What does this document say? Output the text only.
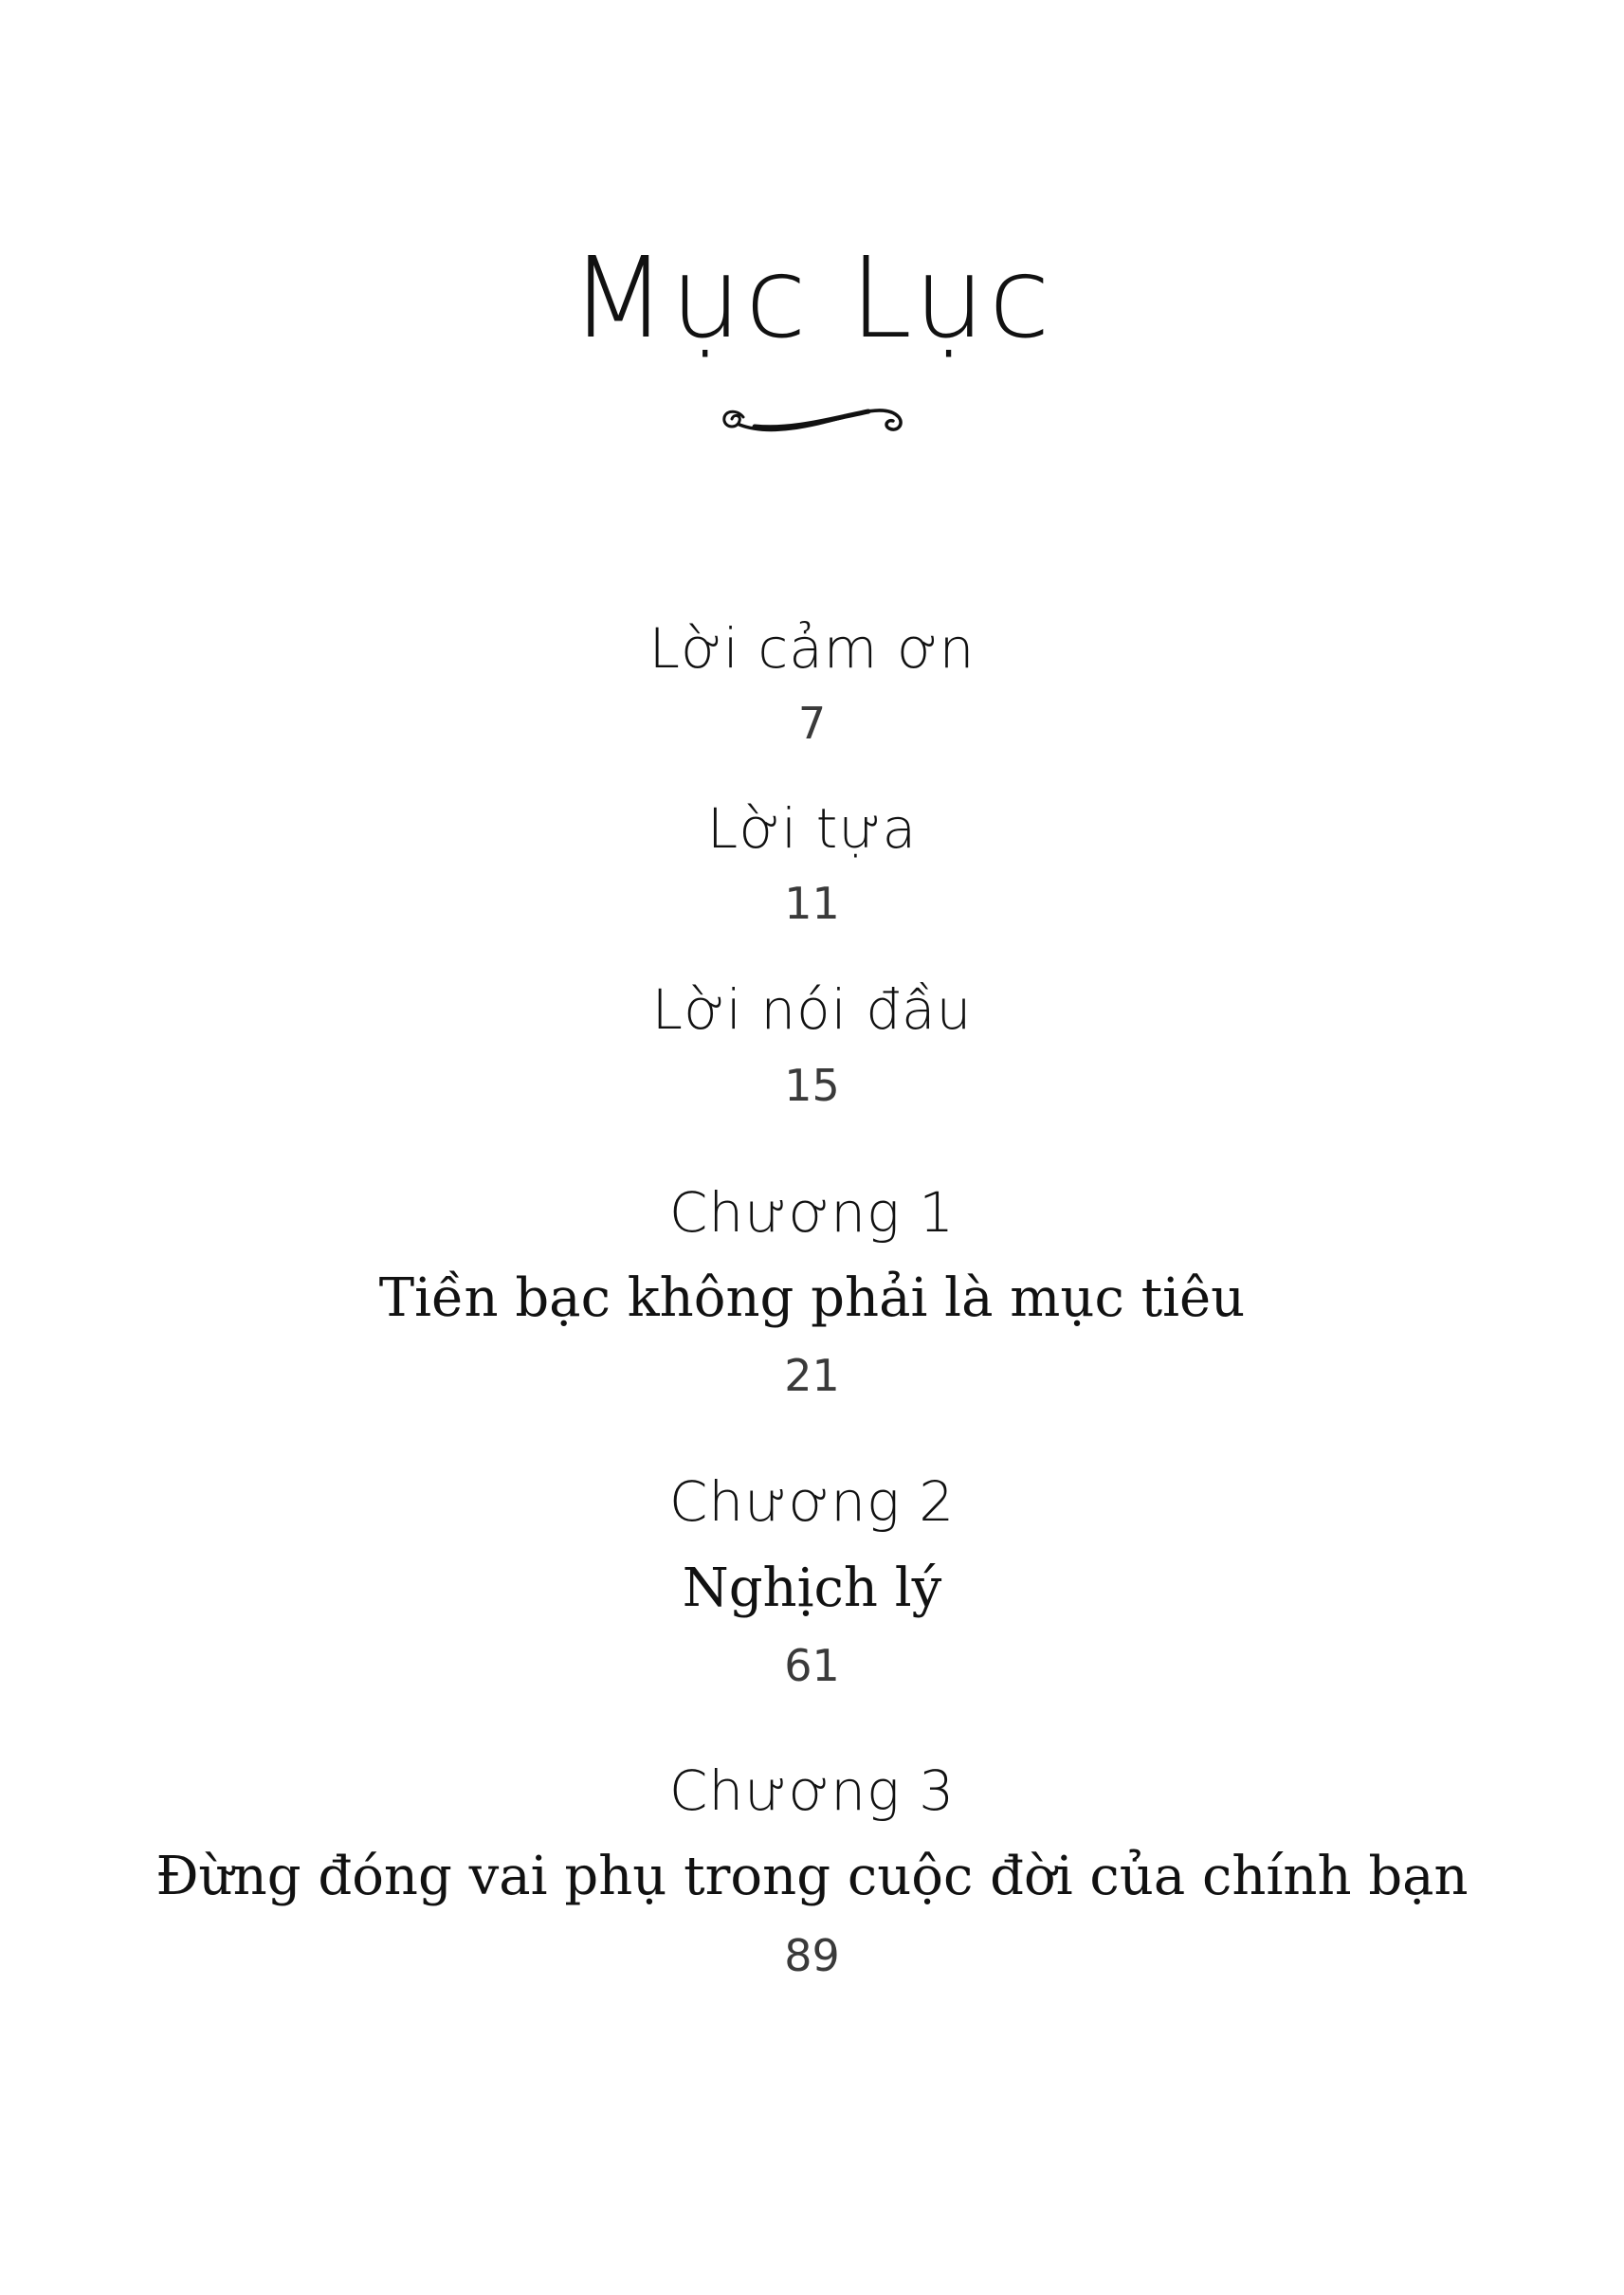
Mục Lục
Lời cảm ơn
7
Lời tựa
11
Lời nói đầu
15
Chương 1
Tiền bạc không phải là mục tiêu
21
Chương 2
Nghịch lý
61
Chương 3
Đừng đóng vai phụ trong cuộc đời của chính bạn
89
